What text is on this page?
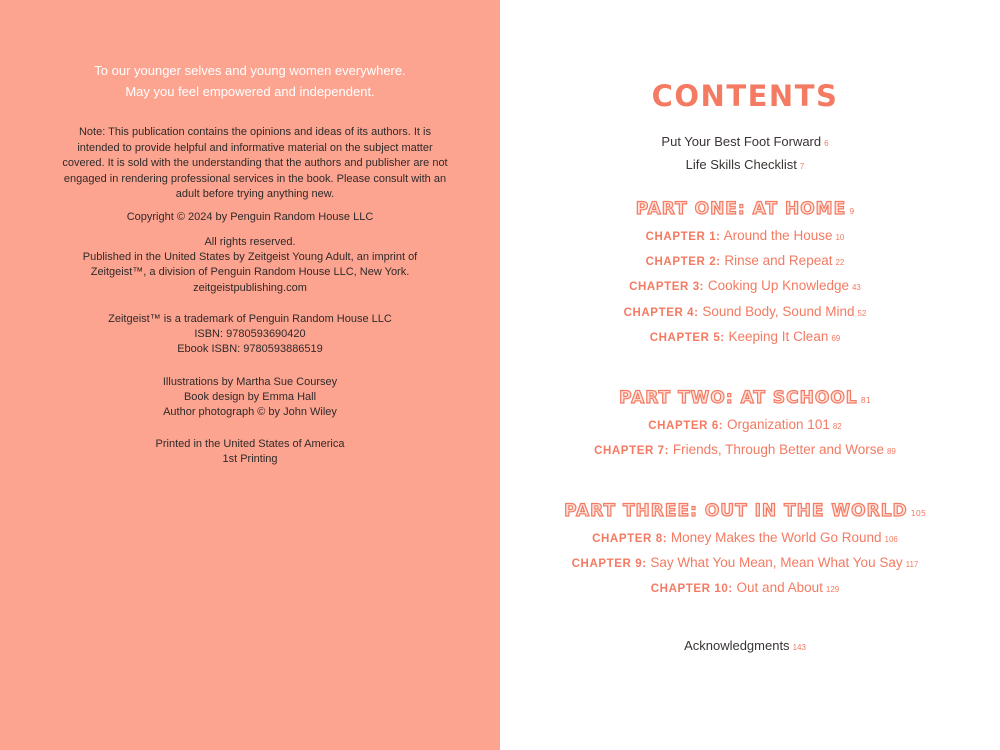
To our younger selves and young women everywhere.
May you feel empowered and independent.
Note: This publication contains the opinions and ideas of its authors. It is intended to provide helpful and informative material on the subject matter covered. It is sold with the understanding that the authors and publisher are not engaged in rendering professional services in the book. Please consult with an adult before trying anything new.
Copyright © 2024 by Penguin Random House LLC
All rights reserved.
Published in the United States by Zeitgeist Young Adult, an imprint of
Zeitgeist™, a division of Penguin Random House LLC, New York.
zeitgeistpublishing.com
Zeitgeist™ is a trademark of Penguin Random House LLC
ISBN: 9780593690420
Ebook ISBN: 9780593886519
Illustrations by Martha Sue Coursey
Book design by Emma Hall
Author photograph © by John Wiley
Printed in the United States of America
1st Printing
CONTENTS
Put Your Best Foot Forward 6
Life Skills Checklist 7
PART ONE: AT HOME 9
CHAPTER 1: Around the House 10
CHAPTER 2: Rinse and Repeat 22
CHAPTER 3: Cooking Up Knowledge 43
CHAPTER 4: Sound Body, Sound Mind 52
CHAPTER 5: Keeping It Clean 69
PART TWO: AT SCHOOL 81
CHAPTER 6: Organization 101 82
CHAPTER 7: Friends, Through Better and Worse 89
PART THREE: OUT IN THE WORLD 105
CHAPTER 8: Money Makes the World Go Round 106
CHAPTER 9: Say What You Mean, Mean What You Say 117
CHAPTER 10: Out and About 129
Acknowledgments 143
